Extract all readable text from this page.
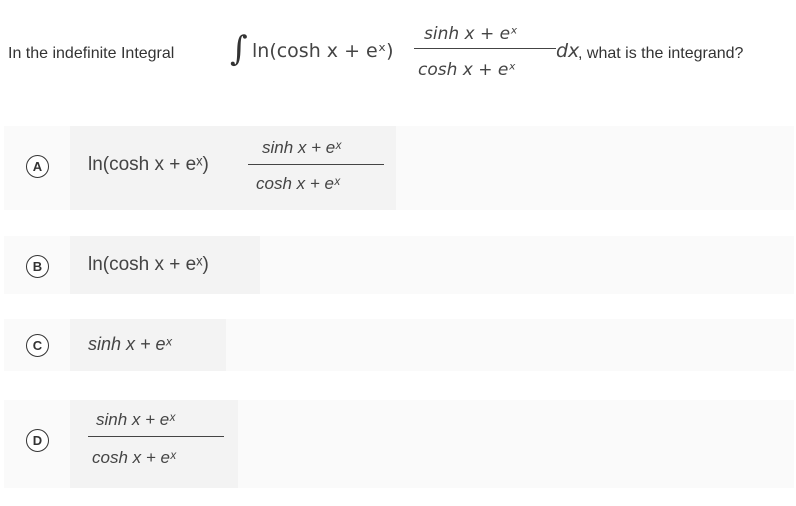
In the indefinite Integral ∫ ln(cosh x + eˣ)
sinh x + eˣ
cosh x + eˣ
dx
, what is the integrand?
A	ln(cosh x + eˣ)
sinh x + eˣ
cosh x + eˣ
B	ln(cosh x + eˣ)
C	sinh x + eˣ
D
sinh x + eˣ
cosh x + eˣ
